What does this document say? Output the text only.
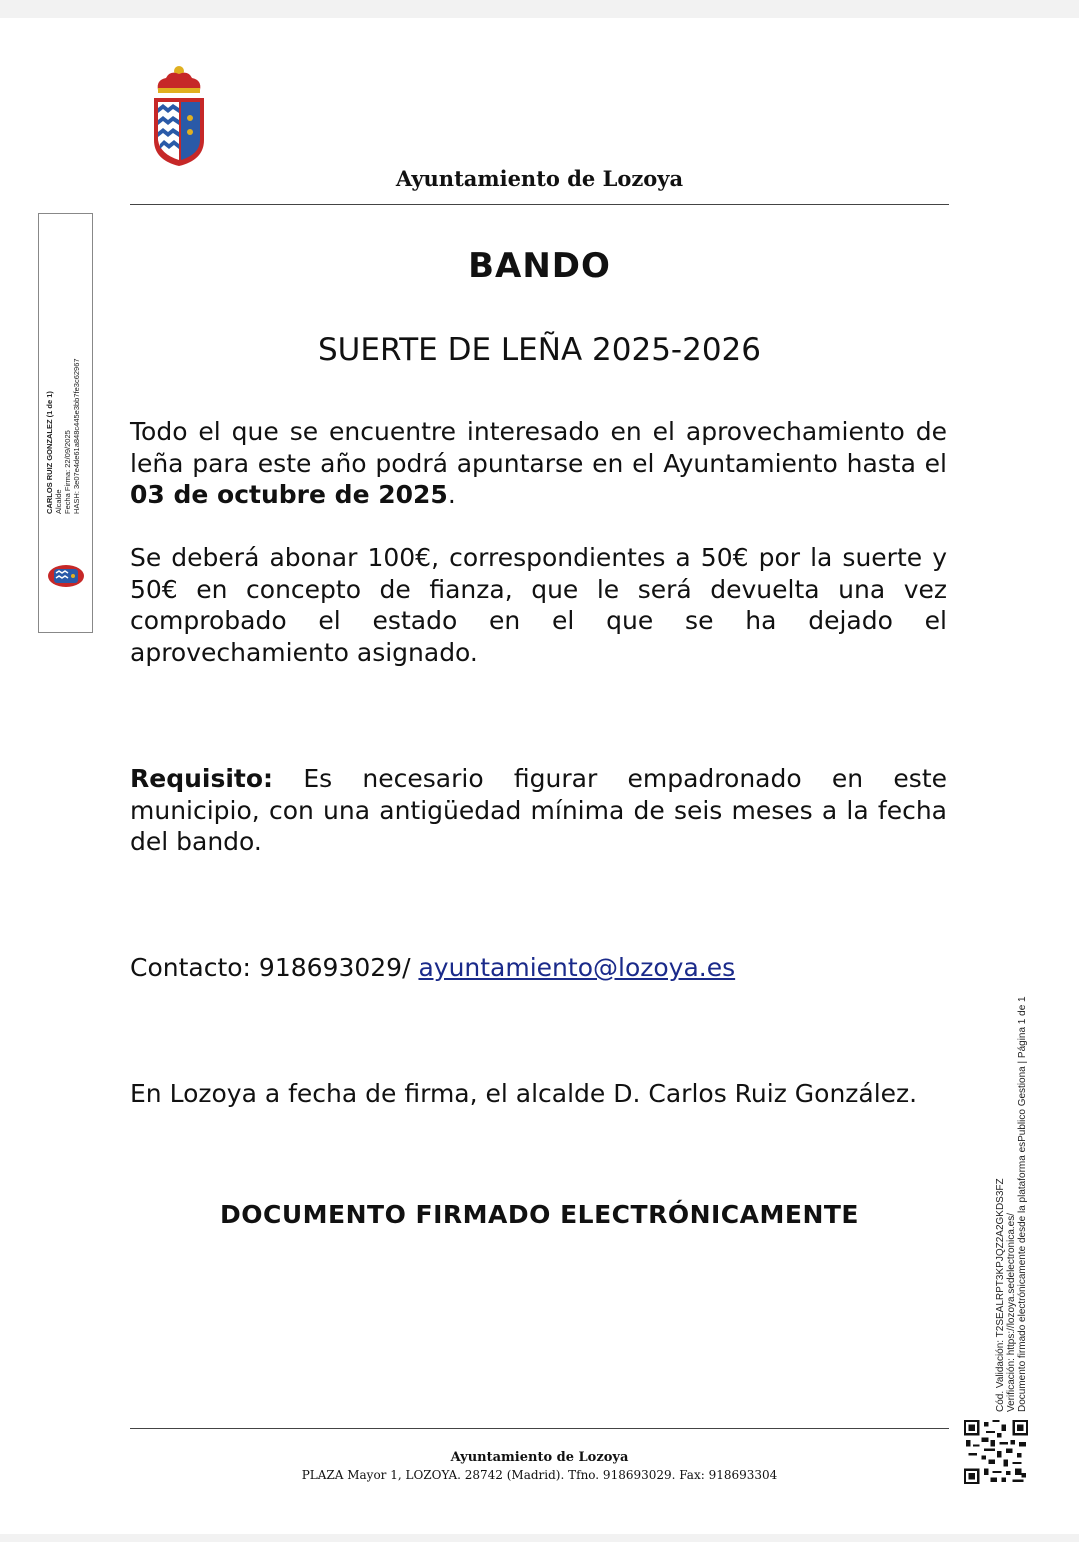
Ayuntamiento de Lozoya
BANDO
SUERTE DE LEÑA 2025-2026
Todo el que se encuentre interesado en el aprovechamiento de leña para este año podrá apuntarse en el Ayuntamiento hasta el 03 de octubre de 2025.
Se deberá abonar 100€, correspondientes a 50€ por la suerte y 50€ en concepto de fianza, que le será devuelta una vez comprobado el estado en el que se ha dejado el aprovechamiento asignado.
Requisito: Es necesario figurar empadronado en este municipio, con una antigüedad mínima de seis meses a la fecha del bando.
Contacto: 918693029/ ayuntamiento@lozoya.es
En Lozoya a fecha de firma, el alcalde D. Carlos Ruiz González.
DOCUMENTO FIRMADO ELECTRÓNICAMENTE
Ayuntamiento de Lozoya
PLAZA Mayor 1, LOZOYA. 28742 (Madrid). Tfno. 918693029. Fax: 918693304
CARLOS RUIZ GONZALEZ (1 de 1) Alcalde Fecha Firma: 22/09/2025 HASH: 3e07e4de61a848c445e3bb7fe3c62967
Cód. Validación: T2SEALRPT3KPJQZ2A2GKDS3FZ Verificación: https://lozoya.sedelectronica.es/ Documento firmado electrónicamente desde la plataforma esPublico Gestiona | Página 1 de 1
